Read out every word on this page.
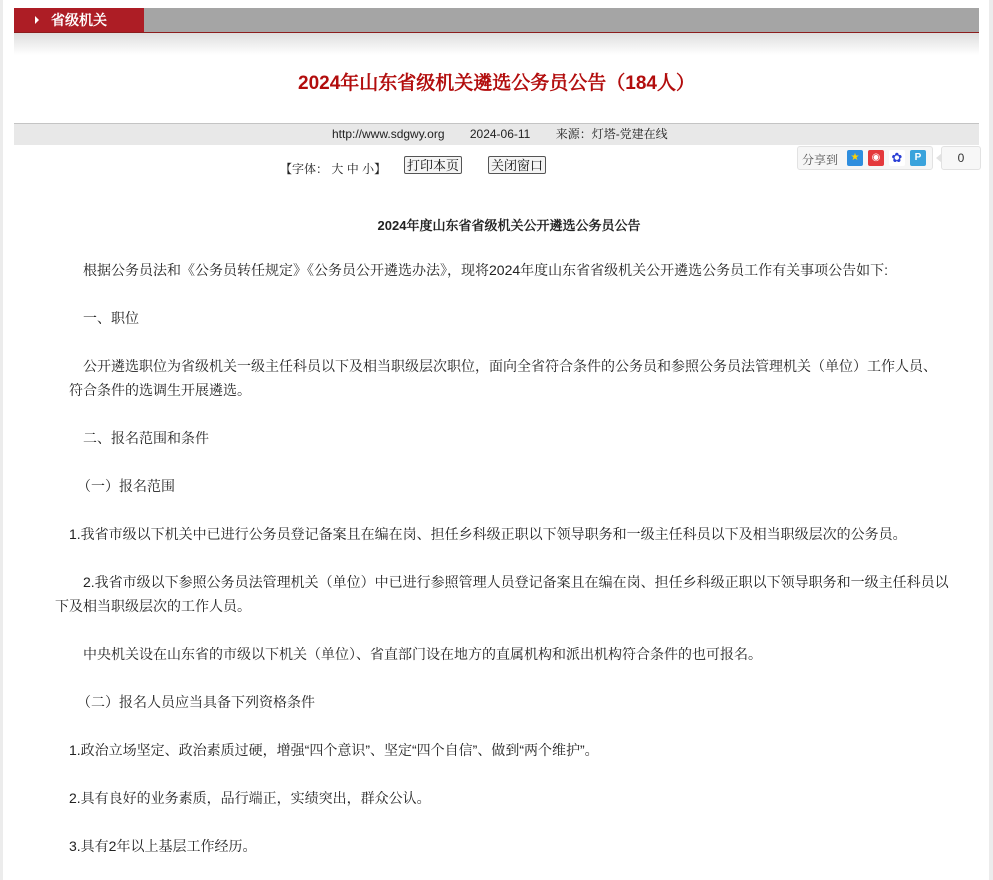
省级机关
2024年山东省级机关遴选公务员公告（184人）
http://www.sdgwy.org 2024-06-11 来源：灯塔-党建在线
【字体： 大 中 小】 打印本页 关闭窗口	分享到	★	◉ ✿	P	0
2024年度山东省省级机关公开遴选公务员公告

根据公务员法和《公务员转任规定》《公务员公开遴选办法》，现将2024年度山东省省级机关公开遴选公务员工作有关事项公告如下:

一、职位

公开遴选职位为省级机关一级主任科员以下及相当职级层次职位，面向全省符合条件的公务员和参照公务员法管理机关（单位）工作人员、符合条件的选调生开展遴选。

二、报名范围和条件

（一）报名范围

1.我省市级以下机关中已进行公务员登记备案且在编在岗、担任乡科级正职以下领导职务和一级主任科员以下及相当职级层次的公务员。

2.我省市级以下参照公务员法管理机关（单位）中已进行参照管理人员登记备案且在编在岗、担任乡科级正职以下领导职务和一级主任科员以下及相当职级层次的工作人员。

中央机关设在山东省的市级以下机关（单位）、省直部门设在地方的直属机构和派出机构符合条件的也可报名。

（二）报名人员应当具备下列资格条件

1.政治立场坚定、政治素质过硬，增强“四个意识”、坚定“四个自信”、做到“两个维护”。

2.具有良好的业务素质，品行端正，实绩突出，群众公认。

3.具有2年以上基层工作经历。
